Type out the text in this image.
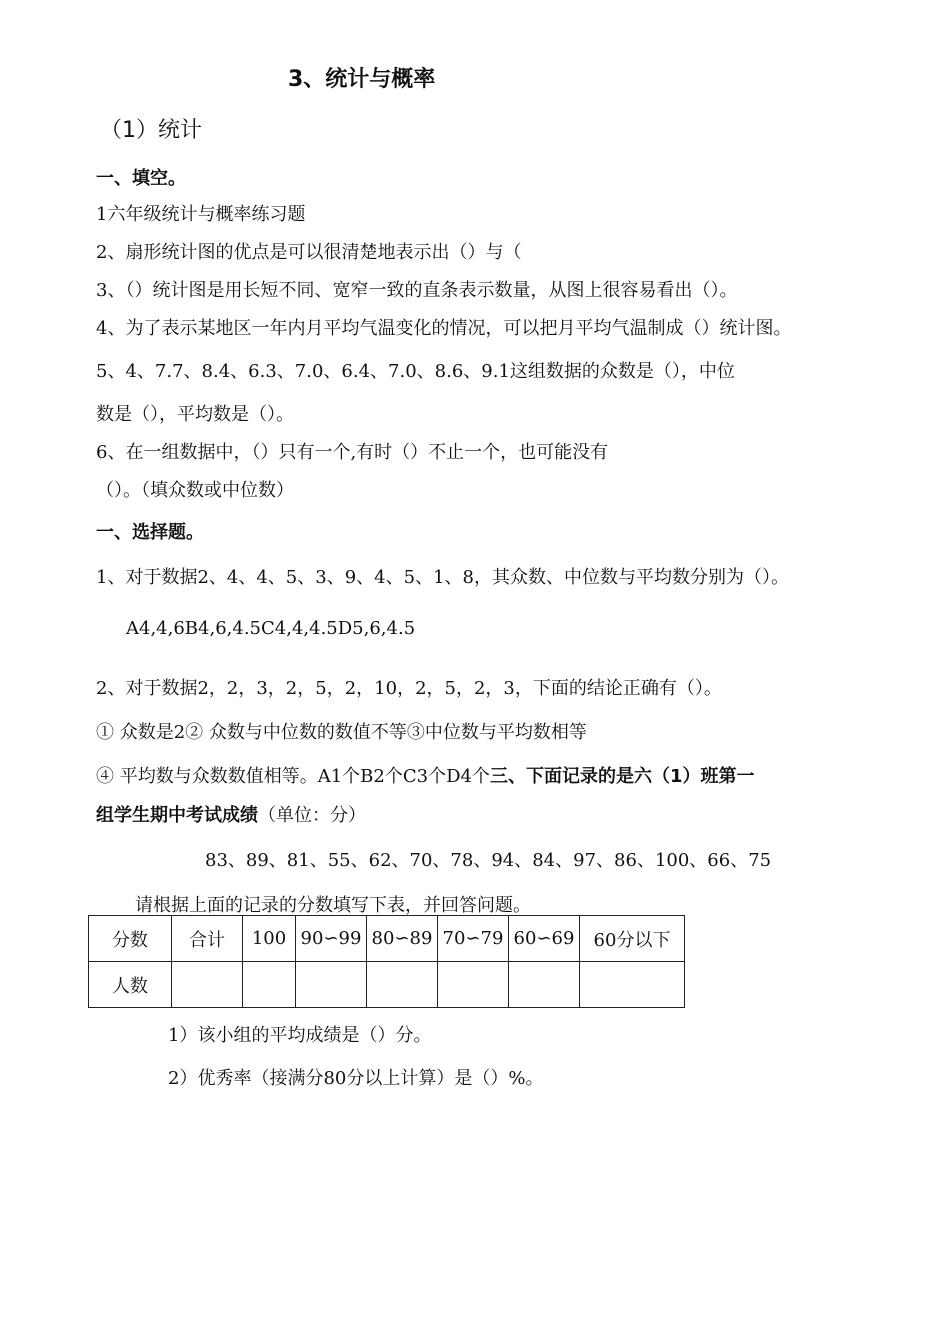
3、统计与概率
（1）统计
一、填空。
1六年级统计与概率练习题
2、扇形统计图的优点是可以很清楚地表示出（）与（
3、（）统计图是用长短不同、宽窄一致的直条表示数量，从图上很容易看出（）。
4、为了表示某地区一年内月平均气温变化的情况，可以把月平均气温制成（）统计图。
5、4、7.7、8.4、6.3、7.0、6.4、7.0、8.6、9.1这组数据的众数是（），中位
数是（），平均数是（）。
6、在一组数据中，（）只有一个,有时（）不止一个，也可能没有
（）。（填众数或中位数）
一、选择题。
1、对于数据2、4、4、5、3、9、4、5、1、8，其众数、中位数与平均数分别为（）。
A4,4,6B4,6,4.5C4,4,4.5D5,6,4.5
2、对于数据2，2，3，2，5，2，10，2，5，2，3，下面的结论正确有（）。
① 众数是2② 众数与中位数的数值不等③中位数与平均数相等
④ 平均数与众数数值相等。A1个B2个C3个D4个三、下面记录的是六（1）班第一
组学生期中考试成绩（单位：分）
83、89、81、55、62、70、78、94、84、97、86、100、66、75
请根据上面的记录的分数填写下表，并回答问题。
分数	合计	100	90∽99	80∽89	70∽79	60∽69	60分以下
人数							
1）该小组的平均成绩是（）分。
2）优秀率（接满分80分以上计算）是（）%。
